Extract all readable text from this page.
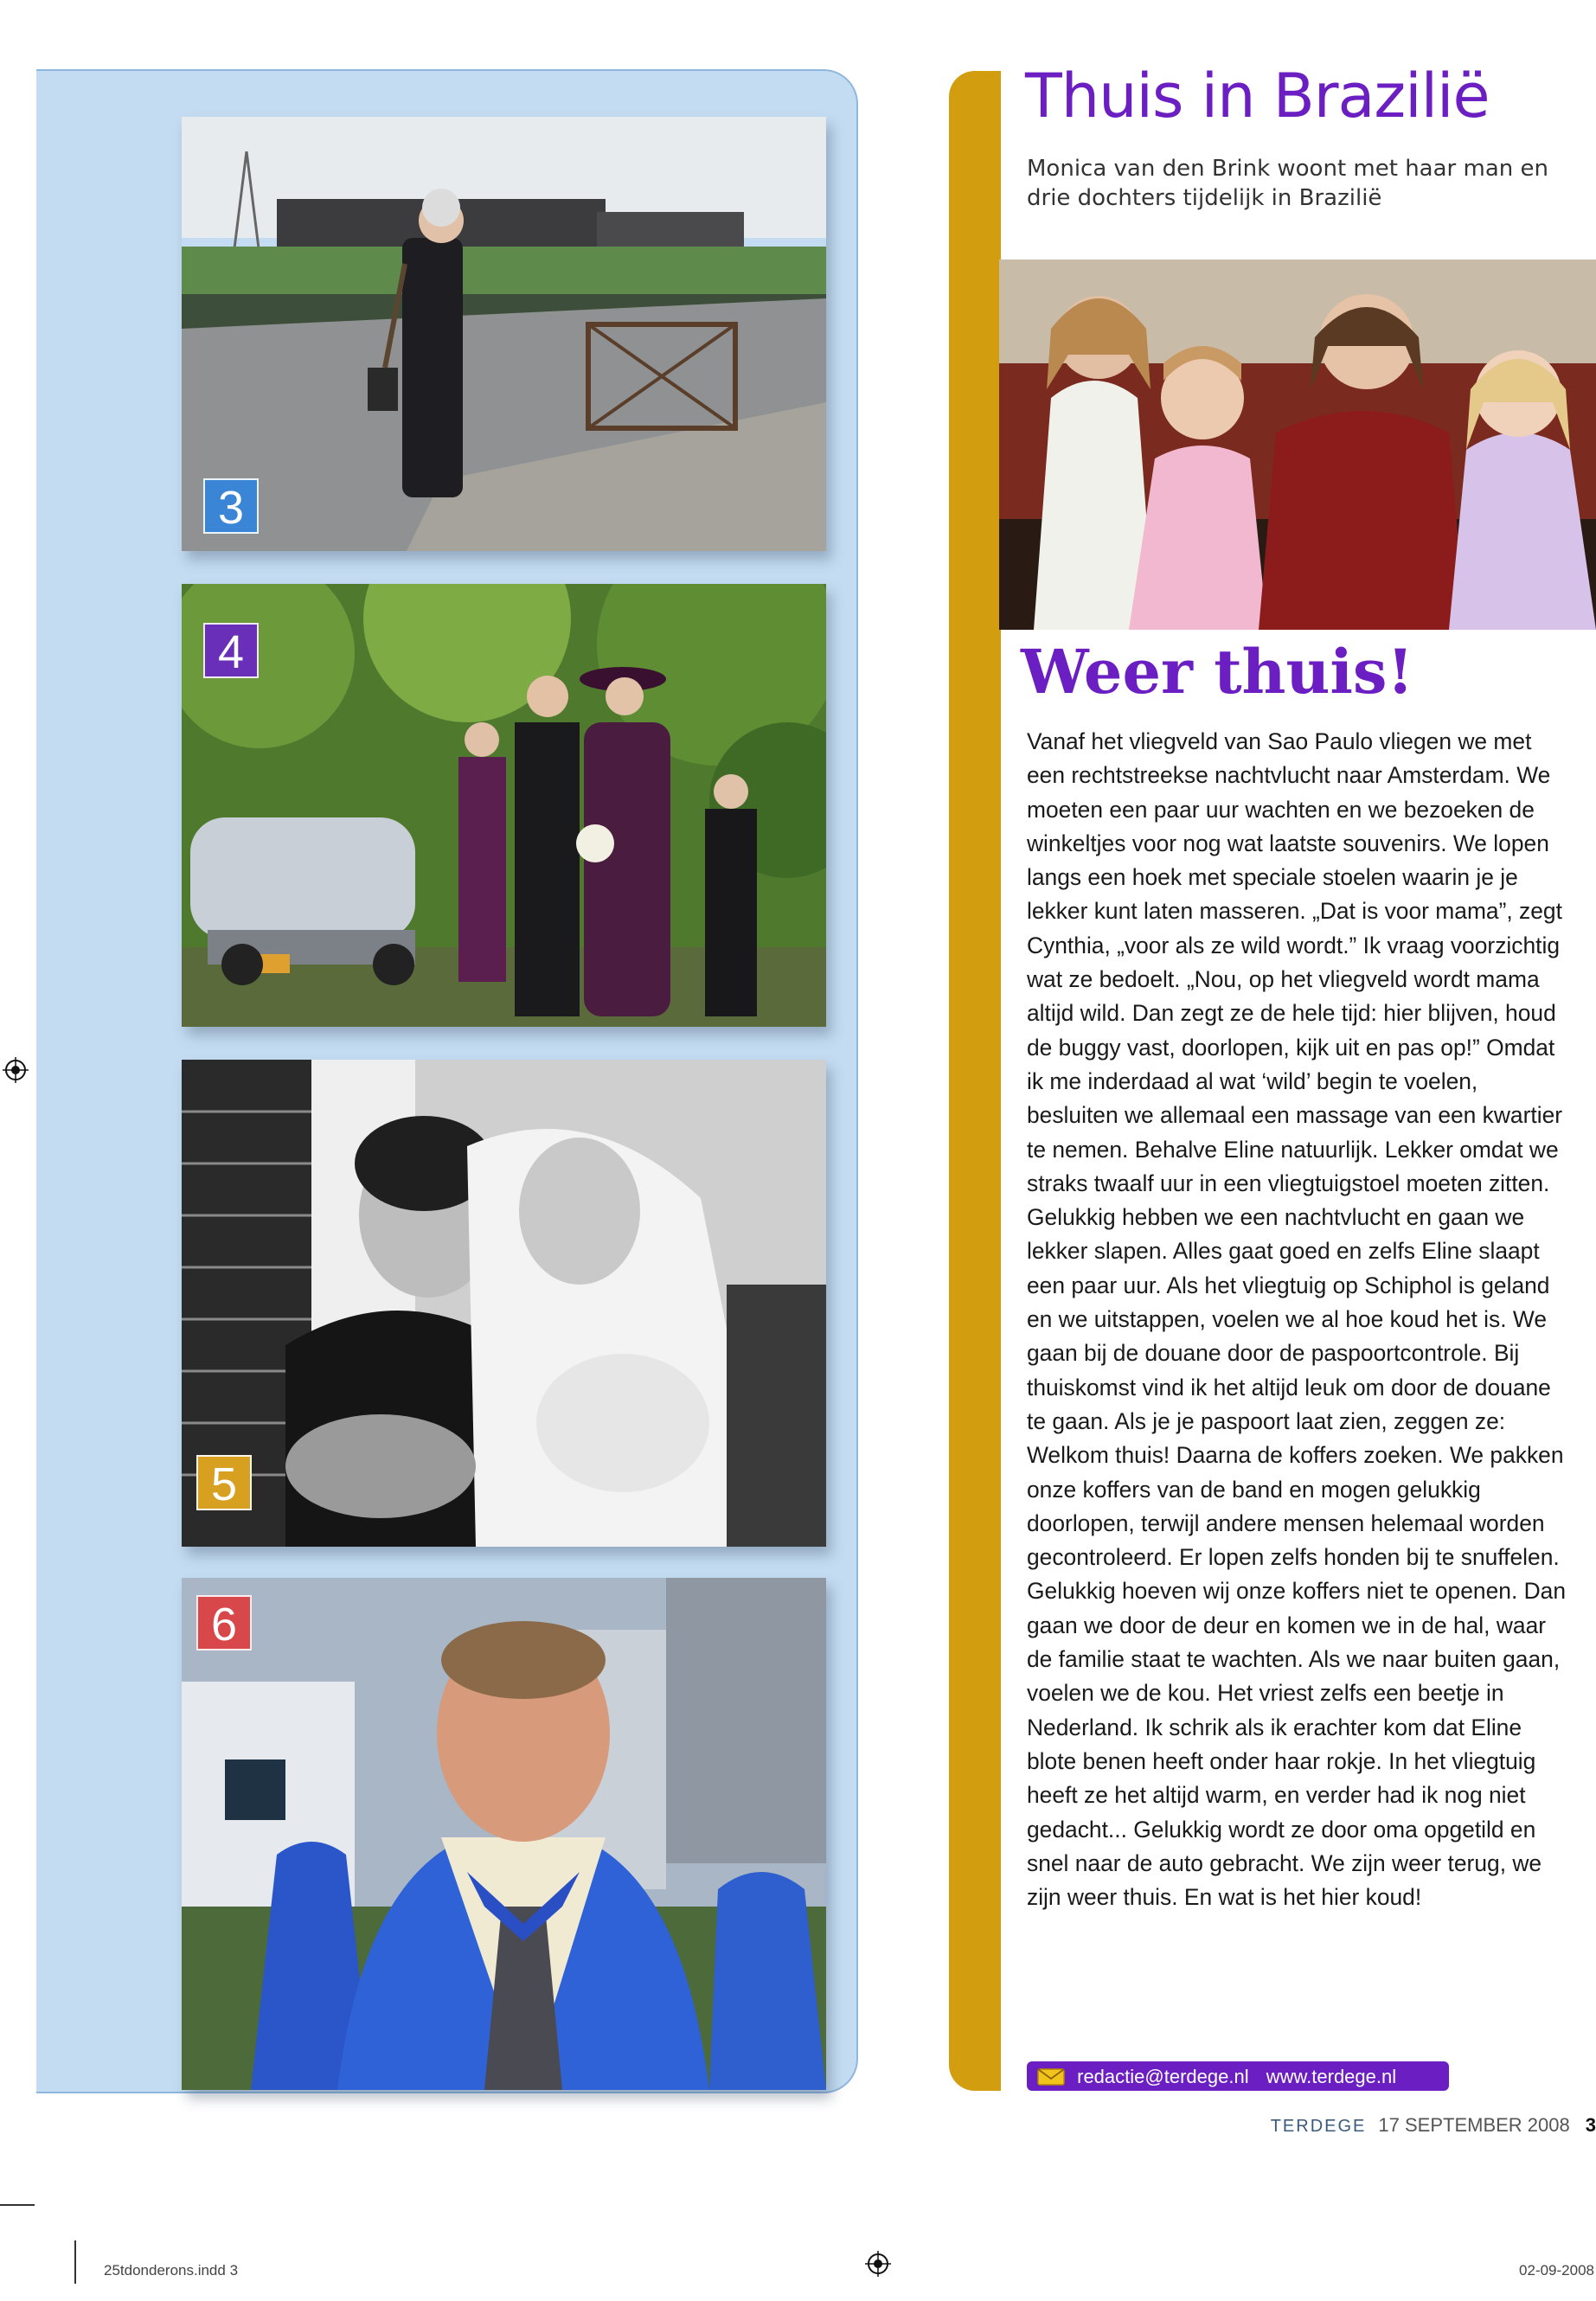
3
4
5
6
Thuis in Brazilië

Monica van den Brink woont met haar man en drie dochters tijdelijk in Brazilië

Weer thuis!

Vanaf het vliegveld van Sao Paulo vliegen we met een rechtstreekse nachtvlucht naar Amsterdam. We moeten een paar uur wachten en we bezoeken de winkeltjes voor nog wat laatste souvenirs. We lopen langs een hoek met speciale stoelen waarin je je lekker kunt laten masseren. „Dat is voor mama”, zegt Cynthia, „voor als ze wild wordt.” Ik vraag voorzichtig wat ze bedoelt. „Nou, op het vliegveld wordt mama altijd wild. Dan zegt ze de hele tijd: hier blijven, houd de buggy vast, doorlopen, kijk uit en pas op!” Omdat ik me inderdaad al wat ‘wild’ begin te voelen, besluiten we allemaal een massage van een kwartier te nemen. Behalve Eline natuurlijk. Lekker omdat we straks twaalf uur in een vliegtuigstoel moeten zitten. Gelukkig hebben we een nachtvlucht en gaan we lekker slapen. Alles gaat goed en zelfs Eline slaapt een paar uur. Als het vliegtuig op Schiphol is geland en we uitstappen, voelen we al hoe koud het is. We gaan bij de douane door de paspoortcontrole. Bij thuiskomst vind ik het altijd leuk om door de douane te gaan. Als je je paspoort laat zien, zeggen ze: Welkom thuis! Daarna de koffers zoeken. We pakken onze koffers van de band en mogen gelukkig doorlopen, terwijl andere mensen helemaal worden gecontroleerd. Er lopen zelfs honden bij te snuffelen. Gelukkig hoeven wij onze koffers niet te openen. Dan gaan we door de deur en komen we in de hal, waar de familie staat te wachten. Als we naar buiten gaan, voelen we de kou. Het vriest zelfs een beetje in Nederland. Ik schrik als ik erachter kom dat Eline blote benen heeft onder haar rokje. In het vliegtuig heeft ze het altijd warm, en verder had ik nog niet gedacht... Gelukkig wordt ze door oma opgetild en snel naar de auto gebracht. We zijn weer terug, we zijn weer thuis. En wat is het hier koud!

redactie@terdege.nl www.terdege.nl
TERDEGE 17 SEPTEMBER 2008 3
25tdonderons.indd 3	02-09-2008
